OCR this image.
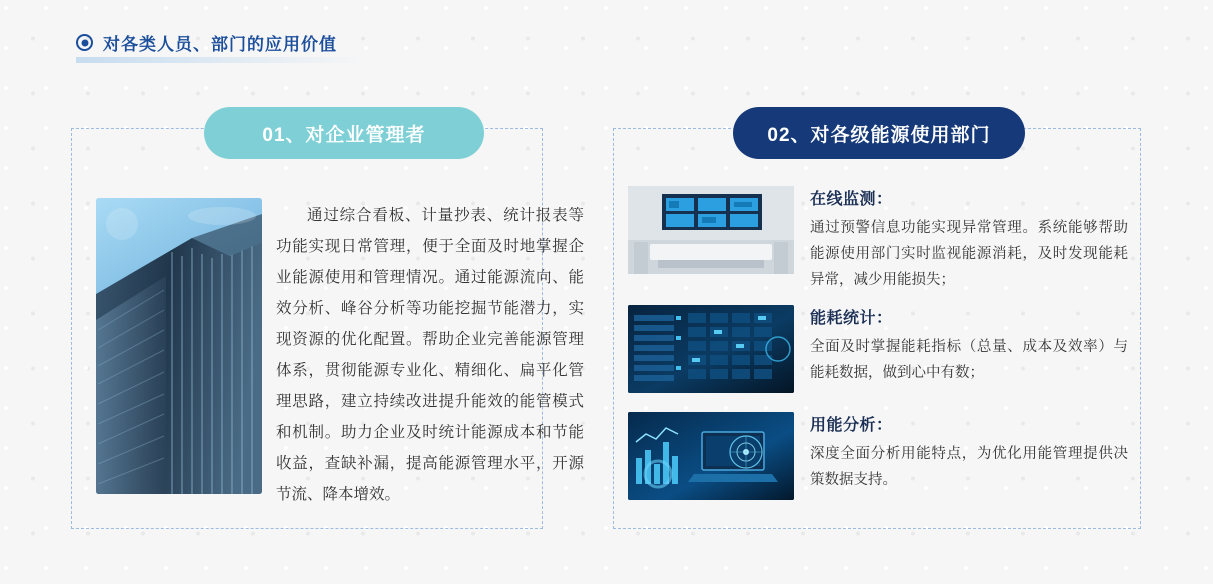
对各类人员、部门的应用价值
01、对企业管理者
通过综合看板、计量抄表、统计报表等功能实现日常管理，便于全面及时地掌握企业能源使用和管理情况。通过能源流向、能效分析、峰谷分析等功能挖掘节能潜力，实现资源的优化配置。帮助企业完善能源管理体系，贯彻能源专业化、精细化、扁平化管理思路，建立持续改进提升能效的能管模式和机制。助力企业及时统计能源成本和节能收益，查缺补漏，提高能源管理水平，开源节流、降本增效。
02、对各级能源使用部门
在线监测：
通过预警信息功能实现异常管理。系统能够帮助能源使用部门实时监视能源消耗，及时发现能耗异常，减少用能损失；
能耗统计：
全面及时掌握能耗指标（总量、成本及效率）与能耗数据，做到心中有数；
用能分析：
深度全面分析用能特点，为优化用能管理提供决策数据支持。
